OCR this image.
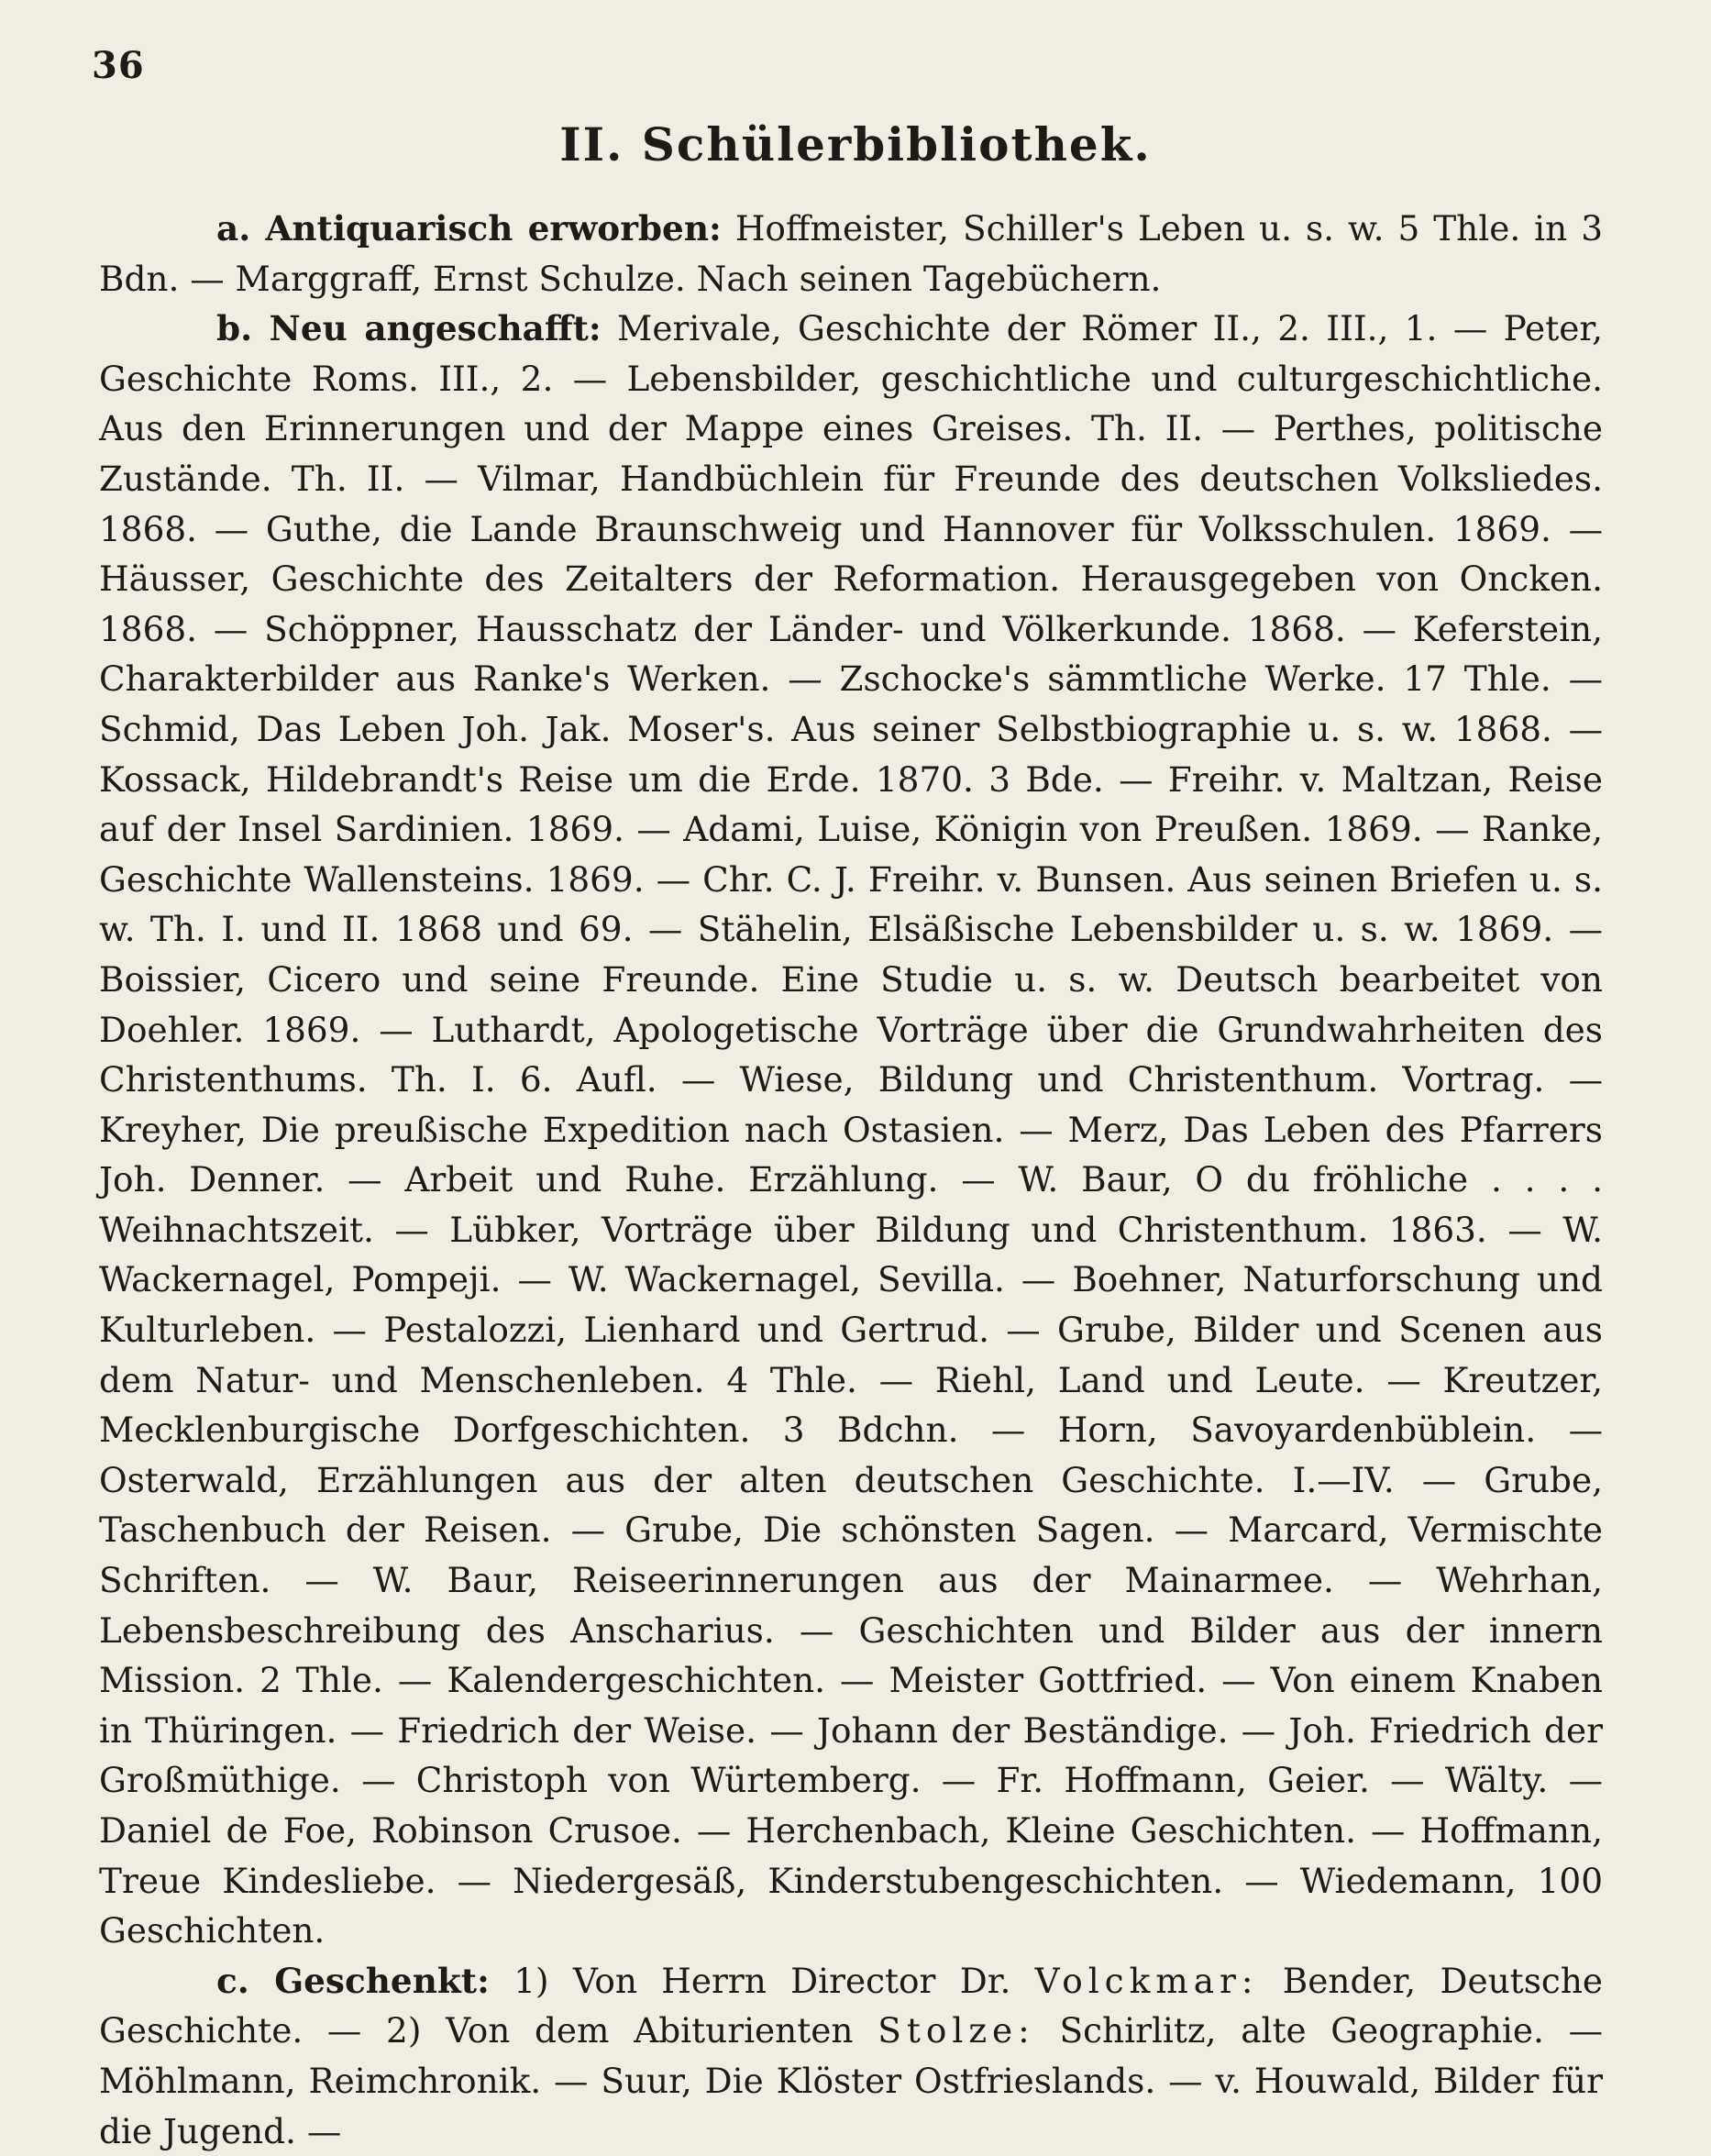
36
II. Schülerbibliothek.

a. Antiquarisch erworben: Hoffmeister, Schiller's Leben u. s. w. 5 Thle. in 3 Bdn. — Marggraff, Ernst Schulze. Nach seinen Tagebüchern.

b. Neu angeschafft: Merivale, Geschichte der Römer II., 2. III., 1. — Peter, Geschichte Roms. III., 2. — Lebensbilder, geschichtliche und culturgeschichtliche. Aus den Erinnerungen und der Mappe eines Greises. Th. II. — Perthes, politische Zustände. Th. II. — Vilmar, Handbüchlein für Freunde des deutschen Volksliedes. 1868. — Guthe, die Lande Braunschweig und Hannover für Volksschulen. 1869. — Häusser, Geschichte des Zeitalters der Reformation. Herausgegeben von Oncken. 1868. — Schöppner, Hausschatz der Länder- und Völkerkunde. 1868. — Keferstein, Charakterbilder aus Ranke's Werken. — Zschocke's sämmtliche Werke. 17 Thle. — Schmid, Das Leben Joh. Jak. Moser's. Aus seiner Selbstbiographie u. s. w. 1868. — Kossack, Hildebrandt's Reise um die Erde. 1870. 3 Bde. — Freihr. v. Maltzan, Reise auf der Insel Sardinien. 1869. — Adami, Luise, Königin von Preußen. 1869. — Ranke, Geschichte Wallensteins. 1869. — Chr. C. J. Freihr. v. Bunsen. Aus seinen Briefen u. s. w. Th. I. und II. 1868 und 69. — Stähelin, Elsäßische Lebensbilder u. s. w. 1869. — Boissier, Cicero und seine Freunde. Eine Studie u. s. w. Deutsch bearbeitet von Doehler. 1869. — Luthardt, Apologetische Vorträge über die Grundwahrheiten des Christenthums. Th. I. 6. Aufl. — Wiese, Bildung und Christenthum. Vortrag. — Kreyher, Die preußische Expedition nach Ostasien. — Merz, Das Leben des Pfarrers Joh. Denner. — Arbeit und Ruhe. Erzählung. — W. Baur, O du fröhliche . . . . Weihnachtszeit. — Lübker, Vorträge über Bildung und Christenthum. 1863. — W. Wackernagel, Pompeji. — W. Wackernagel, Sevilla. — Boehner, Naturforschung und Kulturleben. — Pestalozzi, Lienhard und Gertrud. — Grube, Bilder und Scenen aus dem Natur- und Menschenleben. 4 Thle. — Riehl, Land und Leute. — Kreutzer, Mecklenburgische Dorfgeschichten. 3 Bdchn. — Horn, Savoyardenbüblein. — Osterwald, Erzählungen aus der alten deutschen Geschichte. I.—IV. — Grube, Taschenbuch der Reisen. — Grube, Die schönsten Sagen. — Marcard, Vermischte Schriften. — W. Baur, Reiseerinnerungen aus der Mainarmee. — Wehrhan, Lebensbeschreibung des Anscharius. — Geschichten und Bilder aus der innern Mission. 2 Thle. — Kalendergeschichten. — Meister Gottfried. — Von einem Knaben in Thüringen. — Friedrich der Weise. — Johann der Beständige. — Joh. Friedrich der Großmüthige. — Christoph von Würtemberg. — Fr. Hoffmann, Geier. — Wälty. — Daniel de Foe, Robinson Crusoe. — Herchenbach, Kleine Geschichten. — Hoffmann, Treue Kindesliebe. — Niedergesäß, Kinderstubengeschichten. — Wiedemann, 100 Geschichten.

c. Geschenkt: 1) Von Herrn Director Dr. Volckmar: Bender, Deutsche Geschichte. — 2) Von dem Abiturienten Stolze: Schirlitz, alte Geographie. — Möhlmann, Reimchronik. — Suur, Die Klöster Ostfrieslands. — v. Houwald, Bilder für die Jugend. —
